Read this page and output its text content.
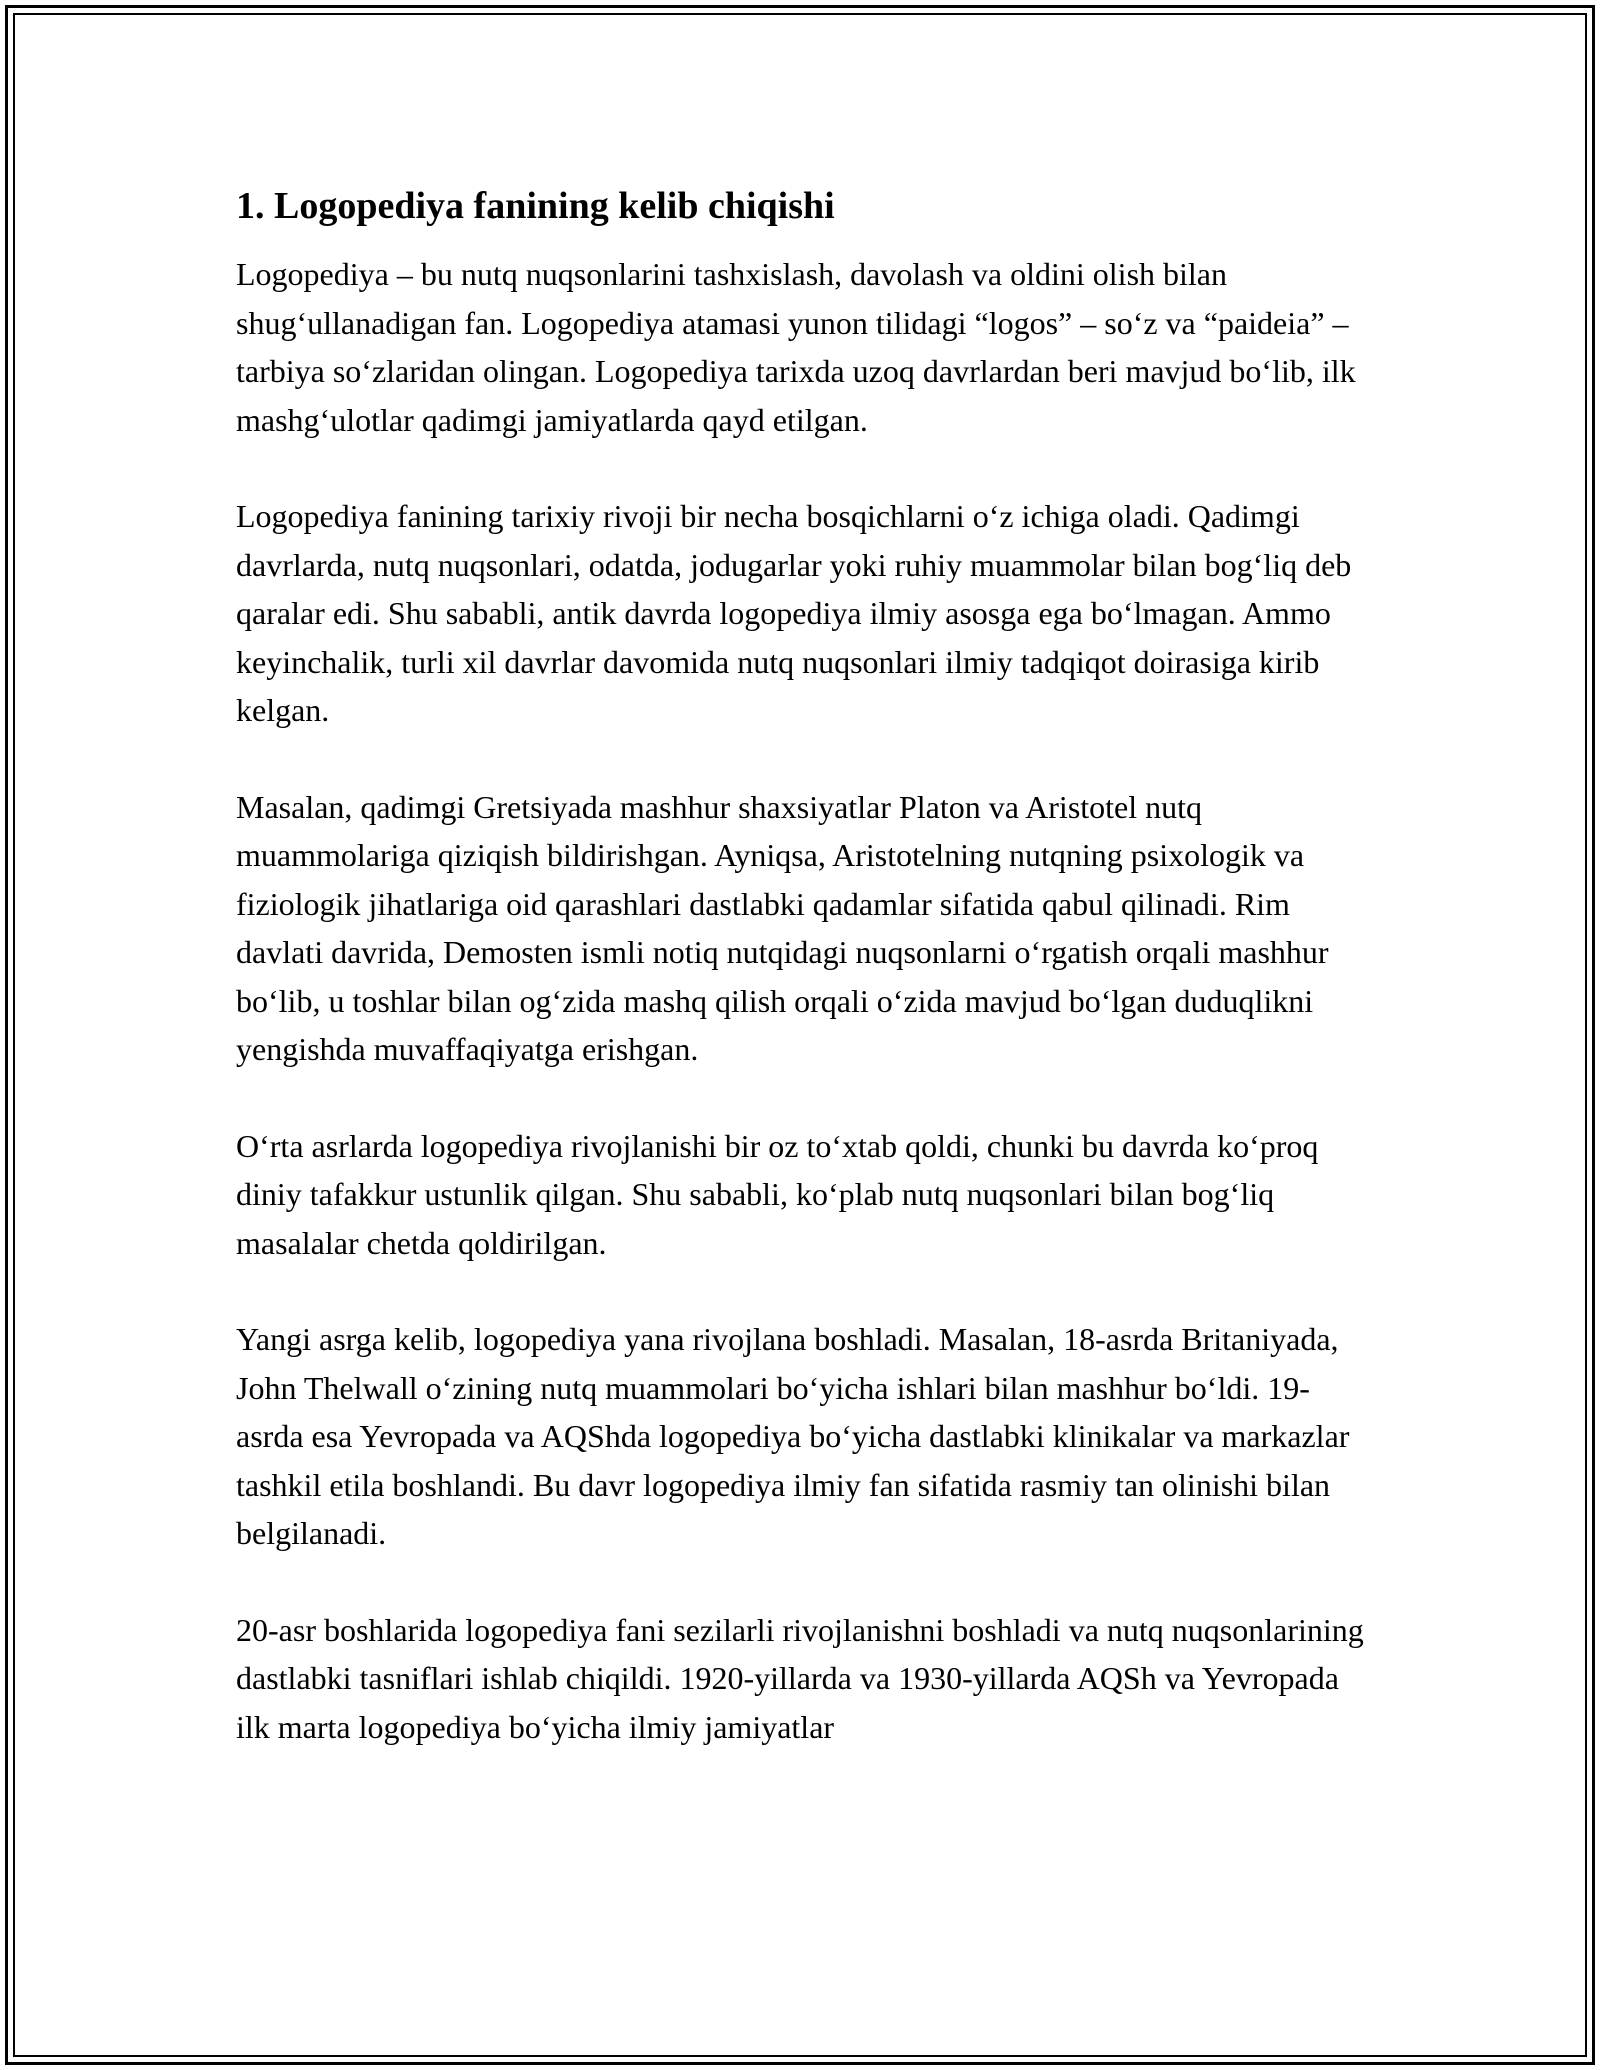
1. Logopediya fanining kelib chiqishi

Logopediya – bu nutq nuqsonlarini tashxislash, davolash va oldini olish bilan shugʻullanadigan fan. Logopediya atamasi yunon tilidagi “logos” – soʻz va “paideia” – tarbiya soʻzlaridan olingan. Logopediya tarixda uzoq davrlardan beri mavjud boʻlib, ilk mashgʻulotlar qadimgi jamiyatlarda qayd etilgan.

Logopediya fanining tarixiy rivoji bir necha bosqichlarni oʻz ichiga oladi. Qadimgi davrlarda, nutq nuqsonlari, odatda, jodugarlar yoki ruhiy muammolar bilan bogʻliq deb qaralar edi. Shu sababli, antik davrda logopediya ilmiy asosga ega boʻlmagan. Ammo keyinchalik, turli xil davrlar davomida nutq nuqsonlari ilmiy tadqiqot doirasiga kirib kelgan.

Masalan, qadimgi Gretsiyada mashhur shaxsiyatlar Platon va Aristotel nutq muammolariga qiziqish bildirishgan. Ayniqsa, Aristotelning nutqning psixologik va fiziologik jihatlariga oid qarashlari dastlabki qadamlar sifatida qabul qilinadi. Rim davlati davrida, Demosten ismli notiq nutqidagi nuqsonlarni oʻrgatish orqali mashhur boʻlib, u toshlar bilan ogʻzida mashq qilish orqali oʻzida mavjud boʻlgan duduqlikni yengishda muvaffaqiyatga erishgan.

Oʻrta asrlarda logopediya rivojlanishi bir oz toʻxtab qoldi, chunki bu davrda koʻproq diniy tafakkur ustunlik qilgan. Shu sababli, koʻplab nutq nuqsonlari bilan bogʻliq masalalar chetda qoldirilgan.

Yangi asrga kelib, logopediya yana rivojlana boshladi. Masalan, 18-asrda Britaniyada, John Thelwall oʻzining nutq muammolari boʻyicha ishlari bilan mashhur boʻldi. 19-asrda esa Yevropada va AQShda logopediya boʻyicha dastlabki klinikalar va markazlar tashkil etila boshlandi. Bu davr logopediya ilmiy fan sifatida rasmiy tan olinishi bilan belgilanadi.

20-asr boshlarida logopediya fani sezilarli rivojlanishni boshladi va nutq nuqsonlarining dastlabki tasniflari ishlab chiqildi. 1920-yillarda va 1930-yillarda AQSh va Yevropada ilk marta logopediya boʻyicha ilmiy jamiyatlar
